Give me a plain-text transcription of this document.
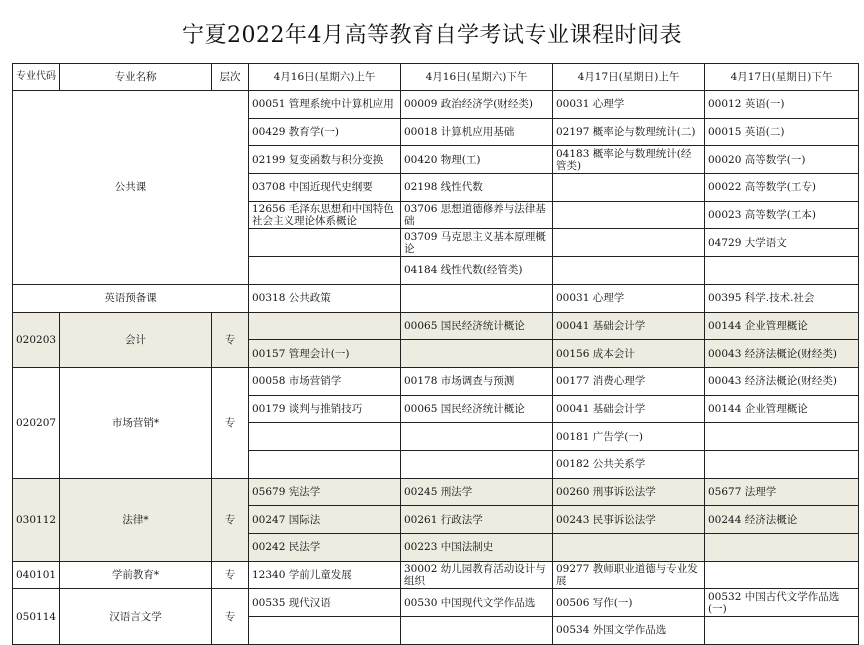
宁夏2022年4月高等教育自学考试专业课程时间表
专业代码	专业名称	层次	4月16日(星期六)上午	4月16日(星期六)下午	4月17日(星期日)上午	4月17日(星期日)下午
公共课			00051 管理系统中计算机应用	00009 政治经济学(财经类)	00031 心理学	00012 英语(一)
			00429 教育学(一)	00018 计算机应用基础	02197 概率论与数理统计(二)	00015 英语(二)
			02199 复变函数与积分变换	00420 物理(工)	04183 概率论与数理统计(经管类)	00020 高等数学(一)
			03708 中国近现代史纲要	02198 线性代数		00022 高等数学(工专)
			12656 毛泽东思想和中国特色社会主义理论体系概论	03706 思想道德修养与法律基础		00023 高等数学(工本)
				03709 马克思主义基本原理概论		04729 大学语文
				04184 线性代数(经管类)		
英语预备课			00318 公共政策		00031 心理学	00395 科学.技术.社会
020203	会计	专		00065 国民经济统计概论	00041 基础会计学	00144 企业管理概论
			00157 管理会计(一)		00156 成本会计	00043 经济法概论(财经类)
020207	市场营销*	专	00058 市场营销学	00178 市场调查与预测	00177 消费心理学	00043 经济法概论(财经类)
			00179 谈判与推销技巧	00065 国民经济统计概论	00041 基础会计学	00144 企业管理概论
					00181 广告学(一)	
					00182 公共关系学	
030112	法律*	专	05679 宪法学	00245 刑法学	00260 刑事诉讼法学	05677 法理学
			00247 国际法	00261 行政法学	00243 民事诉讼法学	00244 经济法概论
			00242 民法学	00223 中国法制史		
040101	学前教育*	专	12340 学前儿童发展	30002 幼儿园教育活动设计与组织	09277 教师职业道德与专业发展	
050114	汉语言文学	专	00535 现代汉语	00530 中国现代文学作品选	00506 写作(一)	00532 中国古代文学作品选(一)
					00534 外国文学作品选	
